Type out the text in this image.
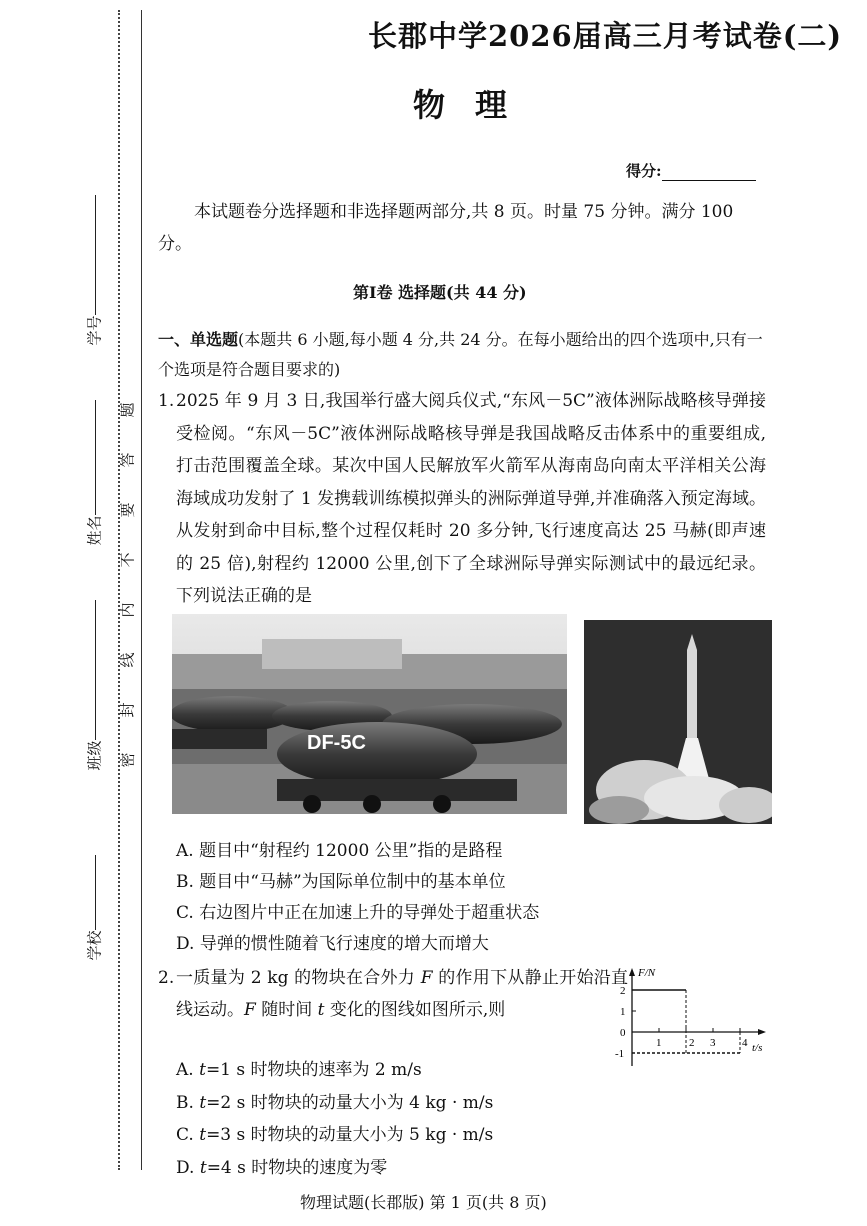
学号
姓名
班级
学校
题
答
要
不
内
线
封
密
长郡中学2026届高三月考试卷(二)
物理
得分:
本试题卷分选择题和非选择题两部分,共 8 页。时量 75 分钟。满分 100 分。
第Ⅰ卷 选择题(共 44 分)
一、单选题(本题共 6 小题,每小题 4 分,共 24 分。在每小题给出的四个选项中,只有一个选项是符合题目要求的)
1. 2025 年 9 月 3 日,我国举行盛大阅兵仪式,“东风－5C”液体洲际战略核导弹接受检阅。“东风－5C”液体洲际战略核导弹是我国战略反击体系中的重要组成,打击范围覆盖全球。某次中国人民解放军火箭军从海南岛向南太平洋相关公海海域成功发射了 1 发携载训练模拟弹头的洲际弹道导弹,并准确落入预定海域。从发射到命中目标,整个过程仅耗时 20 多分钟,飞行速度高达 25 马赫(即声速的 25 倍),射程约 12000 公里,创下了全球洲际导弹实际测试中的最远纪录。下列说法正确的是
DF-5C
A. 题目中“射程约 12000 公里”指的是路程
B. 题目中“马赫”为国际单位制中的基本单位
C. 右边图片中正在加速上升的导弹处于超重状态
D. 导弹的惯性随着飞行速度的增大而增大
2. 一质量为 2 kg 的物块在合外力 F 的作用下从静止开始沿直线运动。F 随时间 t 变化的图线如图所示,则
A. t=1 s 时物块的速率为 2 m/s
B. t=2 s 时物块的动量大小为 4 kg · m/s
C. t=3 s 时物块的动量大小为 5 kg · m/s
D. t=4 s 时物块的速度为零
F/N
t/s
2
1
0
-1
1	2 3 4
物理试题(长郡版) 第 1 页(共 8 页)
